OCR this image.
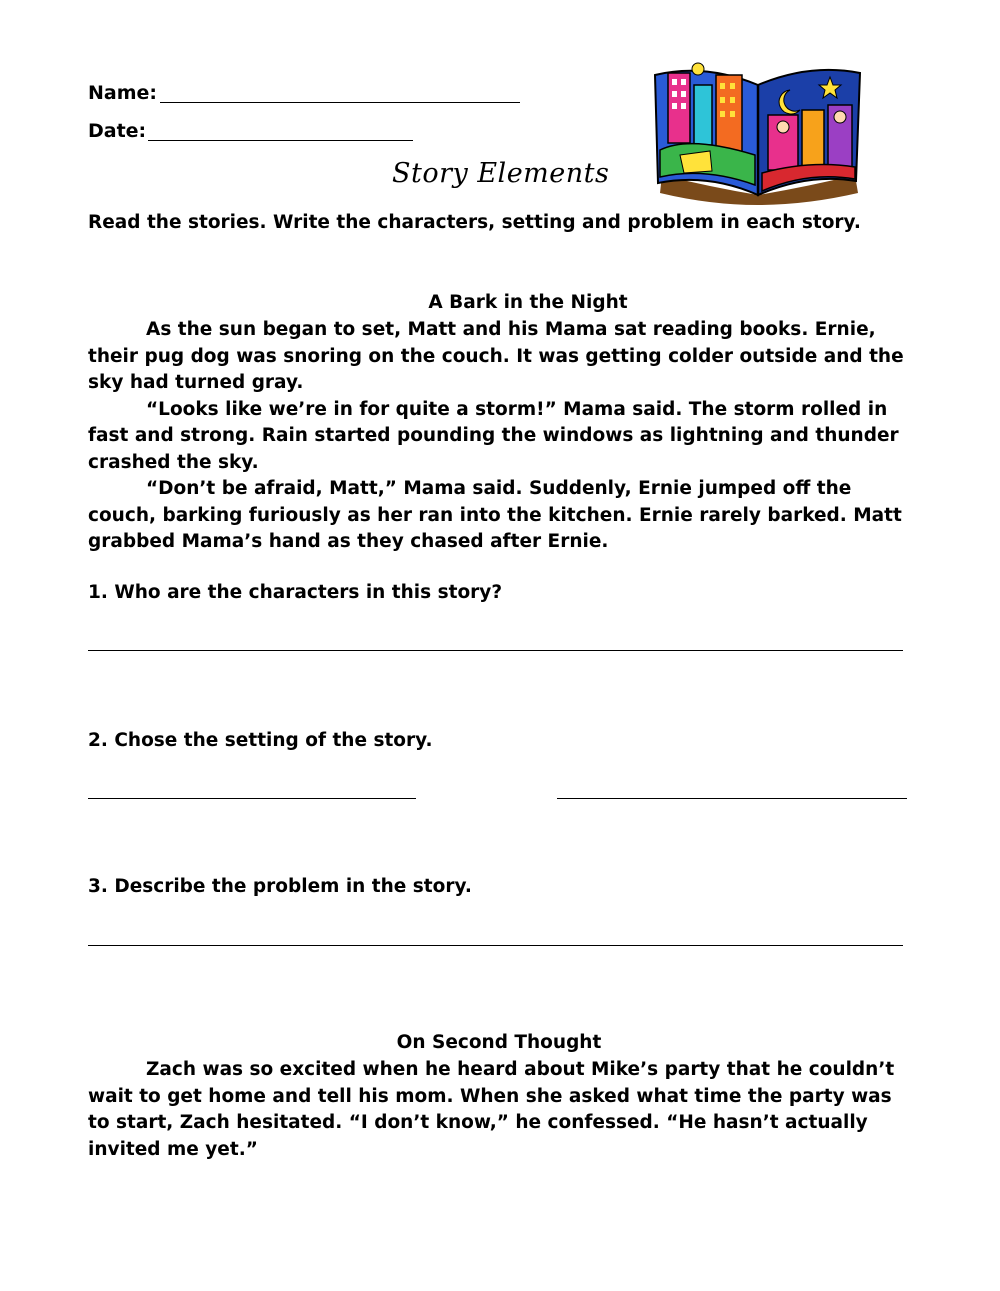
Name:
Date:
Story Elements
Read the stories. Write the characters, setting and problem in each story.
A Bark in the Night

As the sun began to set, Matt and his Mama sat reading books. Ernie, their pug dog was snoring on the couch. It was getting colder outside and the sky had turned gray.

“Looks like we’re in for quite a storm!” Mama said. The storm rolled in fast and strong. Rain started pounding the windows as lightning and thunder crashed the sky.

“Don’t be afraid, Matt,” Mama said. Suddenly, Ernie jumped off the couch, barking furiously as her ran into the kitchen. Ernie rarely barked. Matt grabbed Mama’s hand as they chased after Ernie.

1. Who are the characters in this story?
2. Chose the setting of the story.
3. Describe the problem in the story.
On Second Thought

Zach was so excited when he heard about Mike’s party that he couldn’t wait to get home and tell his mom. When she asked what time the party was to start, Zach hesitated. “I don’t know,” he confessed. “He hasn’t actually invited me yet.”
